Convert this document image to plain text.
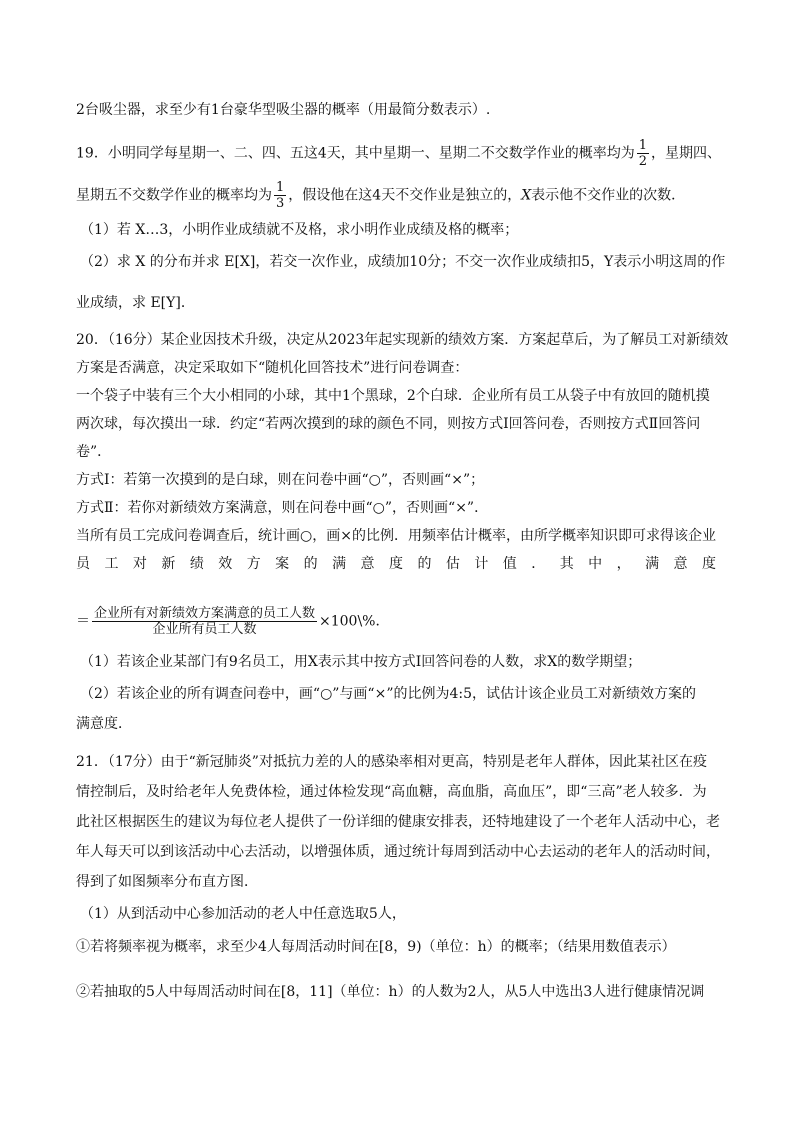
2台吸尘器，求至少有1台豪华型吸尘器的概率（用最简分数表示）.
19．小明同学每星期一、二、四、五这4天，其中星期一、星期二不交数学作业的概率均为 $\frac{1}{2}$ ，星期四、
星期五不交数学作业的概率均为 $\frac{1}{3}$ ，假设他在这4天不交作业是独立的，X表示他不交作业的次数．
（1）若 X…3，小明作业成绩就不及格，求小明作业成绩及格的概率；
（2）求 X 的分布并求 E[X]，若交一次作业，成绩加10分；不交一次作业成绩扣5，Y表示小明这周的作
业成绩，求 E[Y]．
20．（16分）某企业因技术升级，决定从2023年起实现新的绩效方案．方案起草后，为了解员工对新绩效
方案是否满意，决定采取如下“随机化回答技术”进行问卷调查：
一个袋子中装有三个大小相同的小球，其中1个黑球，2个白球．企业所有员工从袋子中有放回的随机摸
两次球，每次摸出一球．约定“若两次摸到的球的颜色不同，则按方式Ⅰ回答问卷，否则按方式Ⅱ回答问
卷”．
方式Ⅰ：若第一次摸到的是白球，则在问卷中画“○”，否则画“×”；
方式Ⅱ：若你对新绩效方案满意，则在问卷中画“○”，否则画“×”．
当所有员工完成问卷调查后，统计画○，画×的比例．用频率估计概率，由所学概率知识即可求得该企业
员 工 对 新 绩 效 方 案 的 满 意 度 的 估 计 值 ． 其 中 ， 满 意 度
＝ $\frac{\text{企业所有对新绩效方案满意的员工人数}}{\text{企业所有员工人数}}$ ×100\%．
（1）若该企业某部门有9名员工，用X表示其中按方式Ⅰ回答问卷的人数，求X的数学期望；
（2）若该企业的所有调查问卷中，画“○”与画“×”的比例为4:5，试估计该企业员工对新绩效方案的
满意度．
21．（17分）由于“新冠肺炎”对抵抗力差的人的感染率相对更高，特别是老年人群体，因此某社区在疫
情控制后，及时给老年人免费体检，通过体检发现“高血糖，高血脂，高血压”，即“三高”老人较多．为
此社区根据医生的建议为每位老人提供了一份详细的健康安排表，还特地建设了一个老年人活动中心，老
年人每天可以到该活动中心去活动，以增强体质，通过统计每周到活动中心去运动的老年人的活动时间，
得到了如图频率分布直方图．
（1）从到活动中心参加活动的老人中任意选取5人，
①若将频率视为概率，求至少4人每周活动时间在[8，9)（单位：h）的概率；（结果用数值表示）
②若抽取的5人中每周活动时间在[8，11]（单位：h）的人数为2人，从5人中选出3人进行健康情况调
